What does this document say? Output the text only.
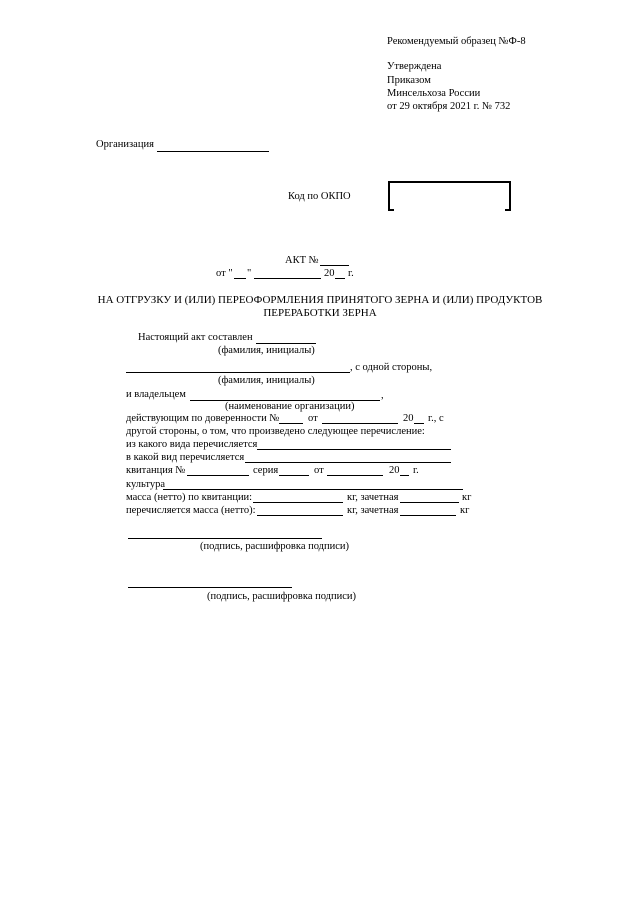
Рекомендуемый образец №Ф-8
Утверждена
Приказом
Минсельхоза России
от 29 октября 2021 г. № 732
Организация
Код по ОКПО
АКТ №
от " "	20 г.
НА ОТГРУЗКУ И (ИЛИ) ПЕРЕОФОРМЛЕНИЯ ПРИНЯТОГО ЗЕРНА И (ИЛИ) ПРОДУКТОВ
ПЕРЕРАБОТКИ ЗЕРНА
Настоящий акт составлен
(фамилия, инициалы)
, с одной стороны,
(фамилия, инициалы)
и владельцем	,
(наименование организации)
действующим по доверенности №	от	20 г., с
другой стороны, о том, что произведено следующее перечисление:
из какого вида перечисляется
в какой вид перечисляется
квитанция №	серия	от	20 г.
культура
масса (нетто) по квитанции:	кг, зачетная	кг
перечисляется масса (нетто):	кг, зачетная	кг
(подпись, расшифровка подписи)
(подпись, расшифровка подписи)
